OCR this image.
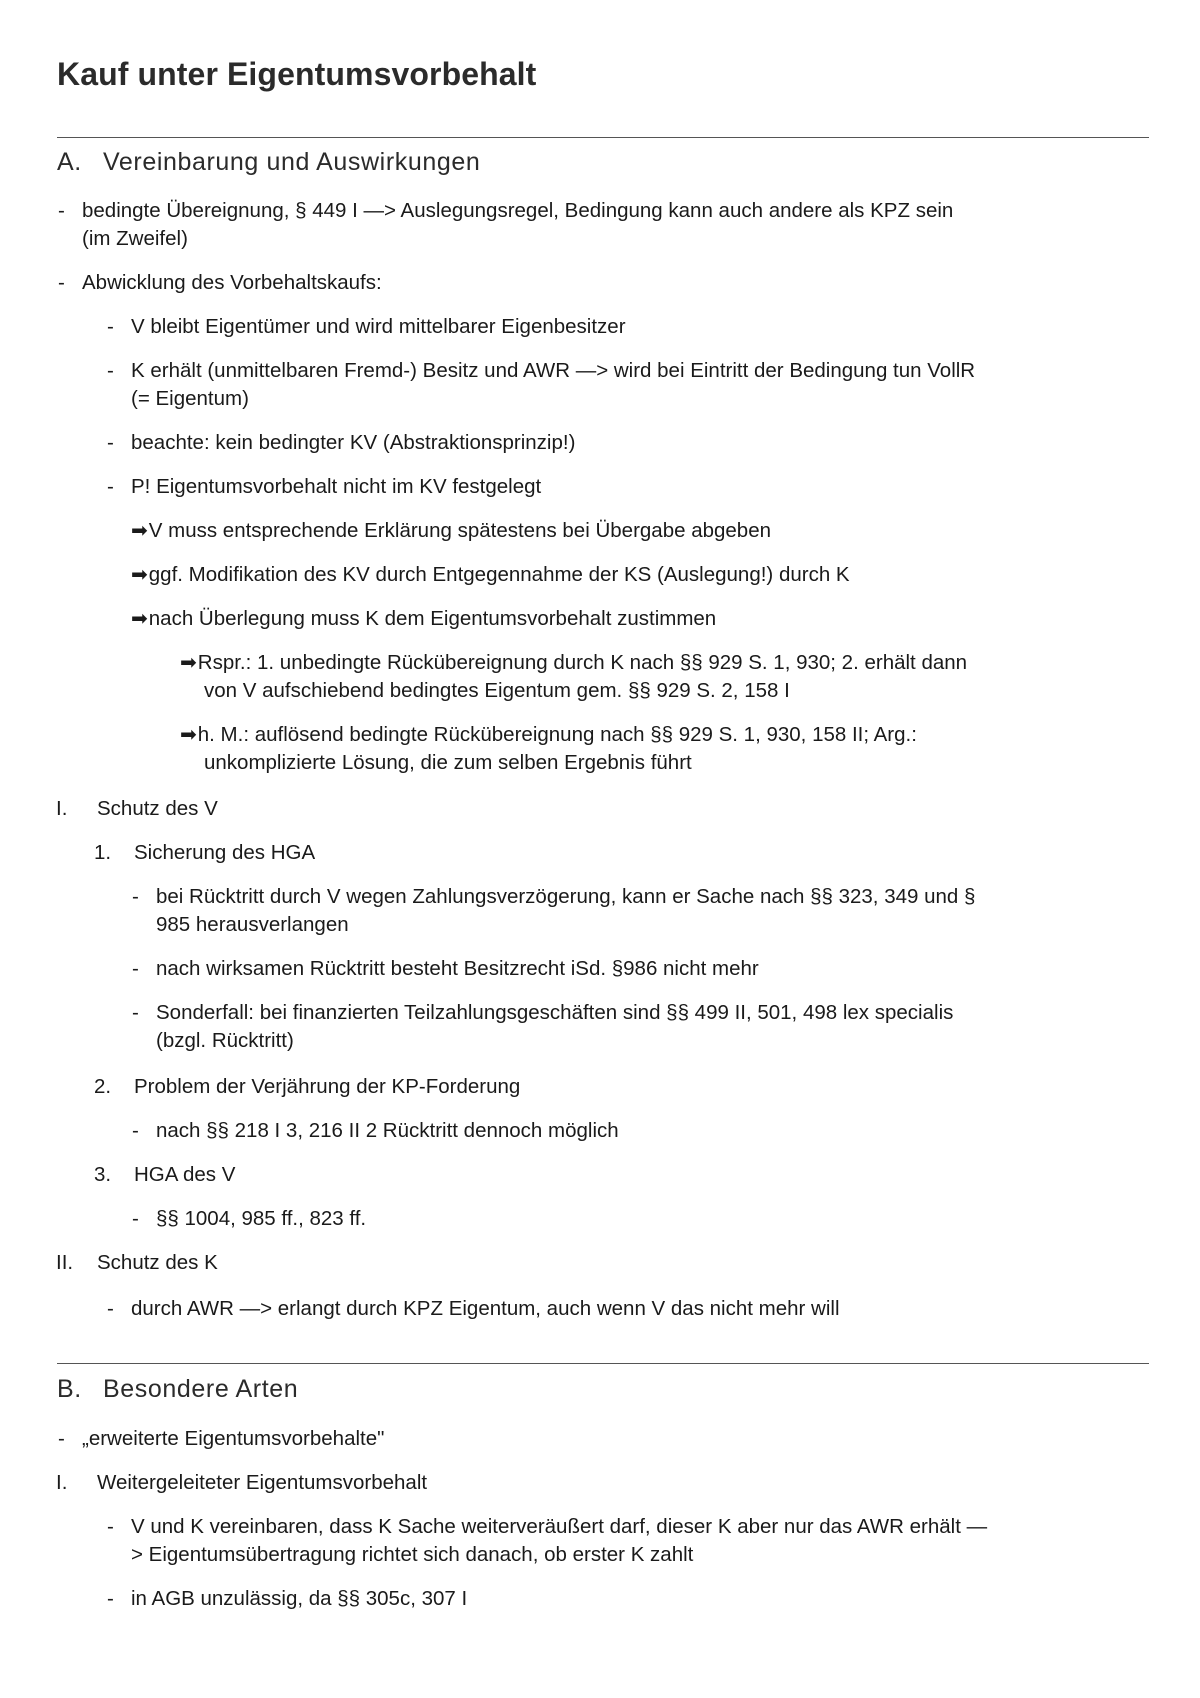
Kauf unter Eigentumsvorbehalt
A. Vereinbarung und Auswirkungen
- bedingte Übereignung, § 449 I —> Auslegungsregel, Bedingung kann auch andere als KPZ sein
(im Zweifel)
- Abwicklung des Vorbehaltskaufs:
- V bleibt Eigentümer und wird mittelbarer Eigenbesitzer
- K erhält (unmittelbaren Fremd-) Besitz und AWR —> wird bei Eintritt der Bedingung tun VollR
(= Eigentum)
- beachte: kein bedingter KV (Abstraktionsprinzip!)
- P! Eigentumsvorbehalt nicht im KV festgelegt
➡V muss entsprechende Erklärung spätestens bei Übergabe abgeben
➡ggf. Modifikation des KV durch Entgegennahme der KS (Auslegung!) durch K
➡nach Überlegung muss K dem Eigentumsvorbehalt zustimmen
➡Rspr.: 1. unbedingte Rückübereignung durch K nach §§ 929 S. 1, 930; 2. erhält dann
von V aufschiebend bedingtes Eigentum gem. §§ 929 S. 2, 158 I
➡h. M.: auflösend bedingte Rückübereignung nach §§ 929 S. 1, 930, 158 II; Arg.:
unkomplizierte Lösung, die zum selben Ergebnis führt
I. Schutz des V
1. Sicherung des HGA
- bei Rücktritt durch V wegen Zahlungsverzögerung, kann er Sache nach §§ 323, 349 und §
985 herausverlangen
- nach wirksamen Rücktritt besteht Besitzrecht iSd. §986 nicht mehr
- Sonderfall: bei finanzierten Teilzahlungsgeschäften sind §§ 499 II, 501, 498 lex specialis
(bzgl. Rücktritt)
2. Problem der Verjährung der KP-Forderung
- nach §§ 218 I 3, 216 II 2 Rücktritt dennoch möglich
3. HGA des V
- §§ 1004, 985 ff., 823 ff.
II. Schutz des K
- durch AWR —> erlangt durch KPZ Eigentum, auch wenn V das nicht mehr will
B. Besondere Arten
- „erweiterte Eigentumsvorbehalte"
I. Weitergeleiteter Eigentumsvorbehalt
- V und K vereinbaren, dass K Sache weiterveräußert darf, dieser K aber nur das AWR erhält —
> Eigentumsübertragung richtet sich danach, ob erster K zahlt
- in AGB unzulässig, da §§ 305c, 307 I
